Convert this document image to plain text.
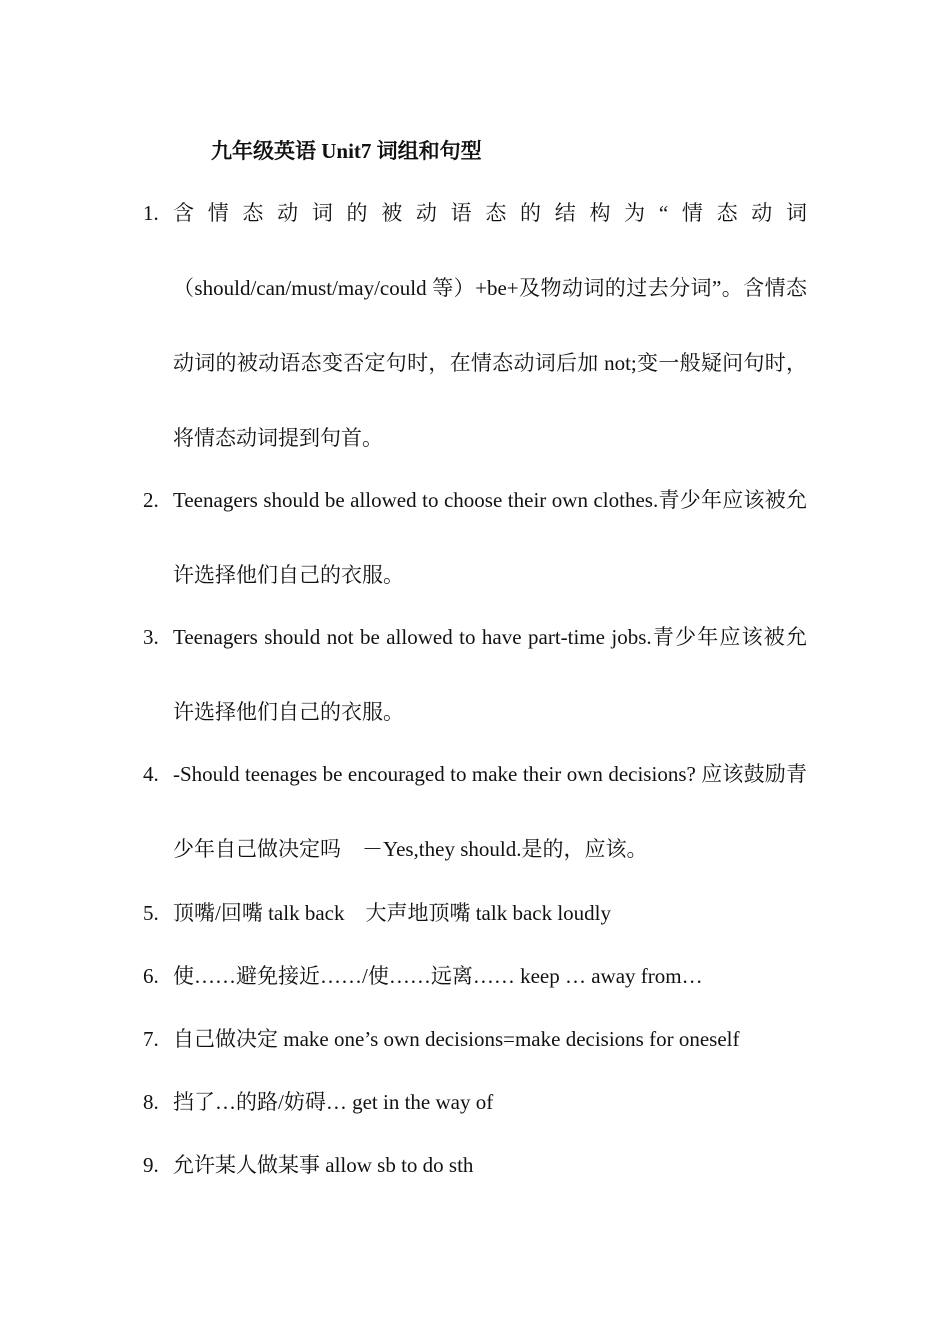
九年级英语 Unit7 词组和句型
1. 含情态动词的被动语态的结构为“情态动词（should/can/must/may/could 等）+be+及物动词的过去分词”。含情态动词的被动语态变否定句时，在情态动词后加 not;变一般疑问句时，将情态动词提到句首。
2. Teenagers should be allowed to choose their own clothes.青少年应该被允许选择他们自己的衣服。
3. Teenagers should not be allowed to have part-time jobs.青少年应该被允许选择他们自己的衣服。
4. -Should teenages be encouraged to make their own decisions? 应该鼓励青少年自己做决定吗　－Yes,they should.是的，应该。
5. 顶嘴/回嘴 talk back　大声地顶嘴 talk back loudly
6. 使……避免接近……/使……远离…… keep … away from…
7. 自己做决定 make one’s own decisions=make decisions for oneself
8. 挡了…的路/妨碍… get in the way of
9. 允许某人做某事 allow sb to do sth
